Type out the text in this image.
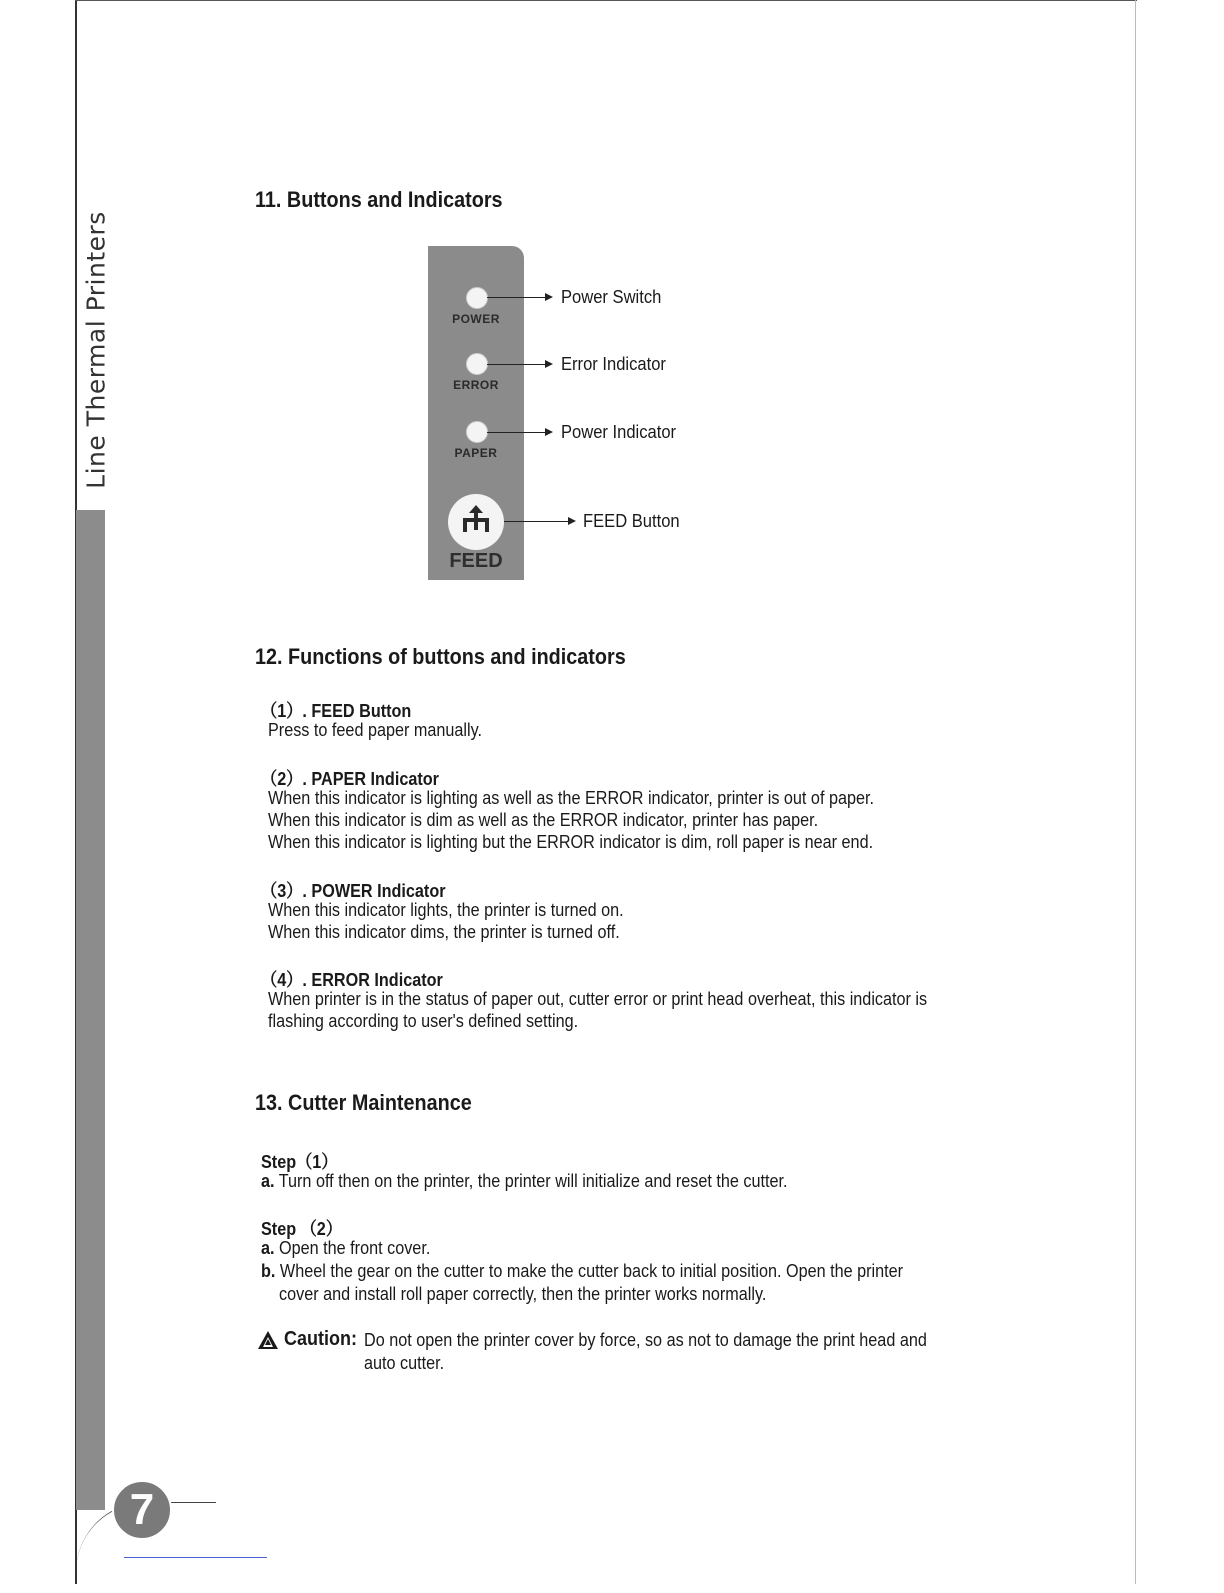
Line Thermal Printers
7
11. Buttons and Indicators
POWER
ERROR
PAPER
FEED
Power Switch
Error Indicator
Power Indicator
FEED Button
12. Functions of buttons and indicators
（1）. FEED Button
Press to feed paper manually.
（2）. PAPER Indicator
When this indicator is lighting as well as the ERROR indicator, printer is out of paper.
When this indicator is dim as well as the ERROR indicator, printer has paper.
When this indicator is lighting but the ERROR indicator is dim, roll paper is near end.
（3）. POWER Indicator
When this indicator lights, the printer is turned on.
When this indicator dims, the printer is turned off.
（4）. ERROR Indicator
When printer is in the status of paper out, cutter error or print head overheat, this indicator is
flashing according to user's defined setting.
13. Cutter Maintenance
Step（1）
a. Turn off then on the printer, the printer will initialize and reset the cutter.
Step （2）
a. Open the front cover.
b. Wheel the gear on the cutter to make the cutter back to initial position. Open the printer
cover and install roll paper correctly, then the printer works normally.
Caution: Do not open the printer cover by force, so as not to damage the print head and
auto cutter.
